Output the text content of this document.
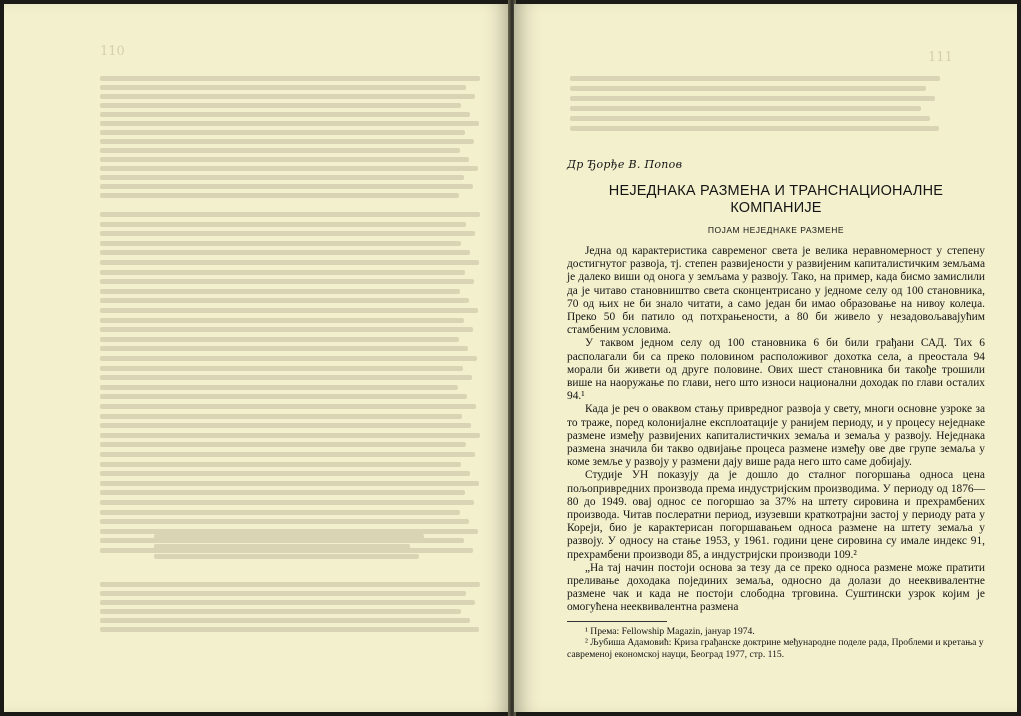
110	111

Др Ђорђе В. Попов

НЕЈЕДНАКА РАЗМЕНА И ТРАНСНАЦИОНАЛНЕ
КОМПАНИЈЕ
ПОЈАМ НЕЈЕДНАКЕ РАЗМЕНЕ

Једна од карактеристика савременог света је велика неравномерност у степену достигнутог развоја, тј. степен развијености у развијеним капиталистичким земљама је далеко виши од оногa у земљама у развоју. Тако, на пример, када бисмо замислили да је читаво становништво света сконцентрисано у једноме селу од 100 становника, 70 од њих не би знало читати, а само један би имао образовање на нивоу колеџа. Преко 50 би патило од потхрањености, а 80 би живело у незадовољавајућим стамбеним условима.

У таквом једном селу од 100 становника 6 би били грађани САД. Тих 6 располагали би са преко половином расположивог дохотка села, а преостала 94 морали би живети од друге половине. Ових шест становника би такође трошили више на наоружање по глави, него што износи национални доходак по глави осталих 94.¹

Када је реч о оваквом стању привредног развоја у свету, многи основне узроке за то траже, поред колонијалне експлоатације у ранијем периоду, и у процесу неједнаке размене између развијених капиталистичких земаља и земаља у развоју. Неједнака размена значила би такво одвијање процеса размене између ове две групе земаља у коме земље у развоју у размени дају више рада него што саме добијају.

Студије УН показују да је дошло до сталног погоршања односа цена пољопривредних производа према индустријским производима. У периоду од 1876—80 до 1949. овај однос се погоршао за 37% на штету сировина и прехрамбених производа. Читав послератни период, изузевши краткотрајни застој у периоду рата у Кореји, био је карактерисан погоршавањем односа размене на штету земаља у развоју. У односу на стање 1953, у 1961. години цене сировина су имале индекс 91, прехрамбени производи 85, а индустријски производи 109.²

„На тај начин постоји основа за тезу да се преко односа размене може пратити преливање доходака појединих земаља, односно да долази до нееквивалентне размене чак и када не постоји слободна трговина. Суштински узрок којим је омогућена нееквивалентна размена

¹ Према: Fellowship Magazin, јануар 1974.

² Љубиша Адамовић: Криза грађанске доктрине међународне поделе рада, Проблеми и кретања у савременој економској науци, Београд 1977, стр. 115.
